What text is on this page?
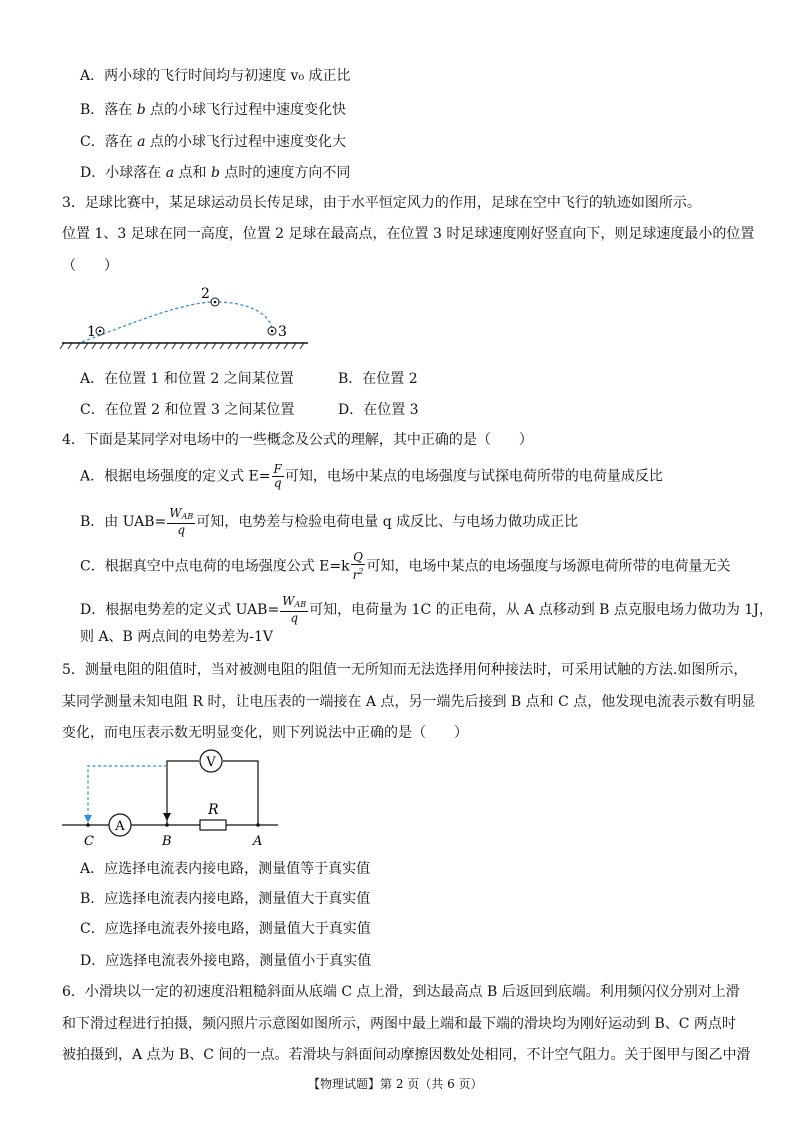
A．两小球的飞行时间均与初速度 v₀ 成正比
B．落在 b 点的小球飞行过程中速度变化快
C．落在 a 点的小球飞行过程中速度变化大
D．小球落在 a 点和 b 点时的速度方向不同
3．足球比赛中，某足球运动员长传足球，由于水平恒定风力的作用，足球在空中飞行的轨迹如图所示。
位置 1、3 足球在同一高度，位置 2 足球在最高点，在位置 3 时足球速度刚好竖直向下，则足球速度最小的位置
（　　）
1
2
3
A．在位置 1 和位置 2 之间某位置	B．在位置 2
C．在位置 2 和位置 3 之间某位置	D．在位置 3
4．下面是某同学对电场中的一些概念及公式的理解，其中正确的是（　　）
A．根据电场强度的定义式 $E= \frac{F}{q}$ 可知，电场中某点的电场强度与试探电荷所带的电荷量成反比
B．由 $UAB= \frac{W_{AB}}{q}$ 可知，电势差与检验电荷电量 q 成反比、与电场力做功成正比
C．根据真空中点电荷的电场强度公式 $E=k \frac{Q}{r^2}$ 可知，电场中某点的电场强度与场源电荷所带的电荷量无关
D．根据电势差的定义式 $UAB= \frac{W_{AB}}{q}$ 可知，电荷量为 1C 的正电荷，从 A 点移动到 B 点克服电场力做功为 1J，
则 A、B 两点间的电势差为-1V
5．测量电阻的阻值时，当对被测电阻的阻值一无所知而无法选择用何种接法时，可采用试触的方法.如图所示，
某同学测量未知电阻 R 时，让电压表的一端接在 A 点，另一端先后接到 B 点和 C 点，他发现电流表示数有明显
变化，而电压表示数无明显变化，则下列说法中正确的是（　　）
V
A
R
C	B	A
A．应选择电流表内接电路，测量值等于真实值
B．应选择电流表内接电路，测量值大于真实值
C．应选择电流表外接电路，测量值大于真实值
D．应选择电流表外接电路，测量值小于真实值
6．小滑块以一定的初速度沿粗糙斜面从底端 C 点上滑，到达最高点 B 后返回到底端。利用频闪仪分别对上滑
和下滑过程进行拍摄，频闪照片示意图如图所示，两图中最上端和最下端的滑块均为刚好运动到 B、C 两点时
被拍摄到，A 点为 B、C 间的一点。若滑块与斜面间动摩擦因数处处相同，不计空气阻力。关于图甲与图乙中滑
【物理试题】第 2 页（共 6 页）
